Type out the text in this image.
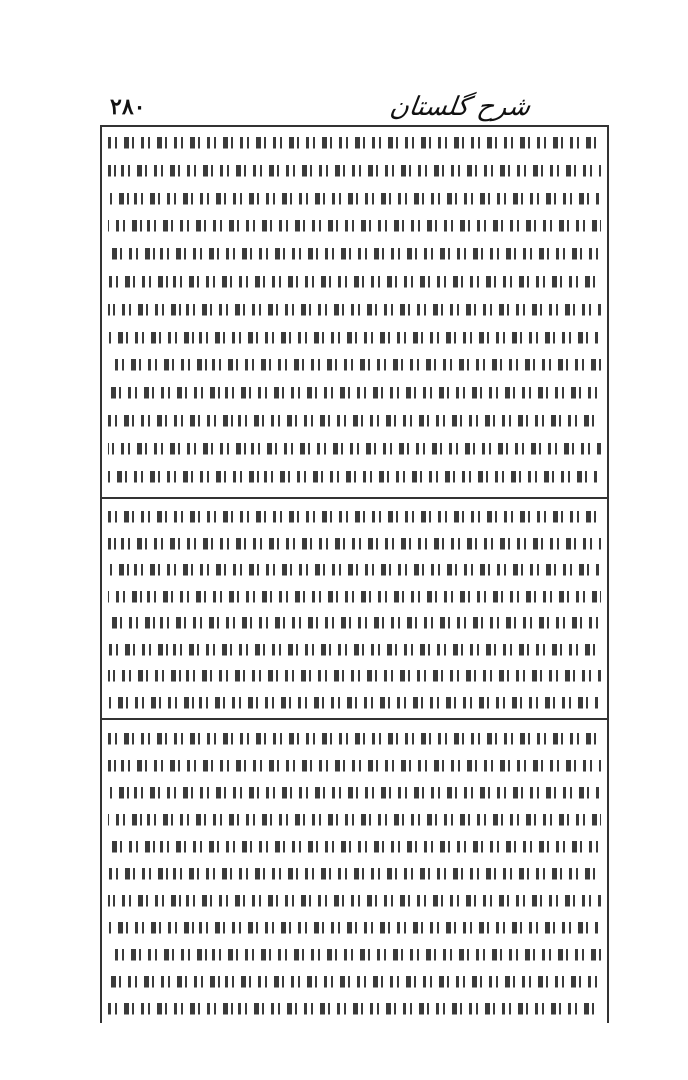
شرح گلستان
۲۸۰
